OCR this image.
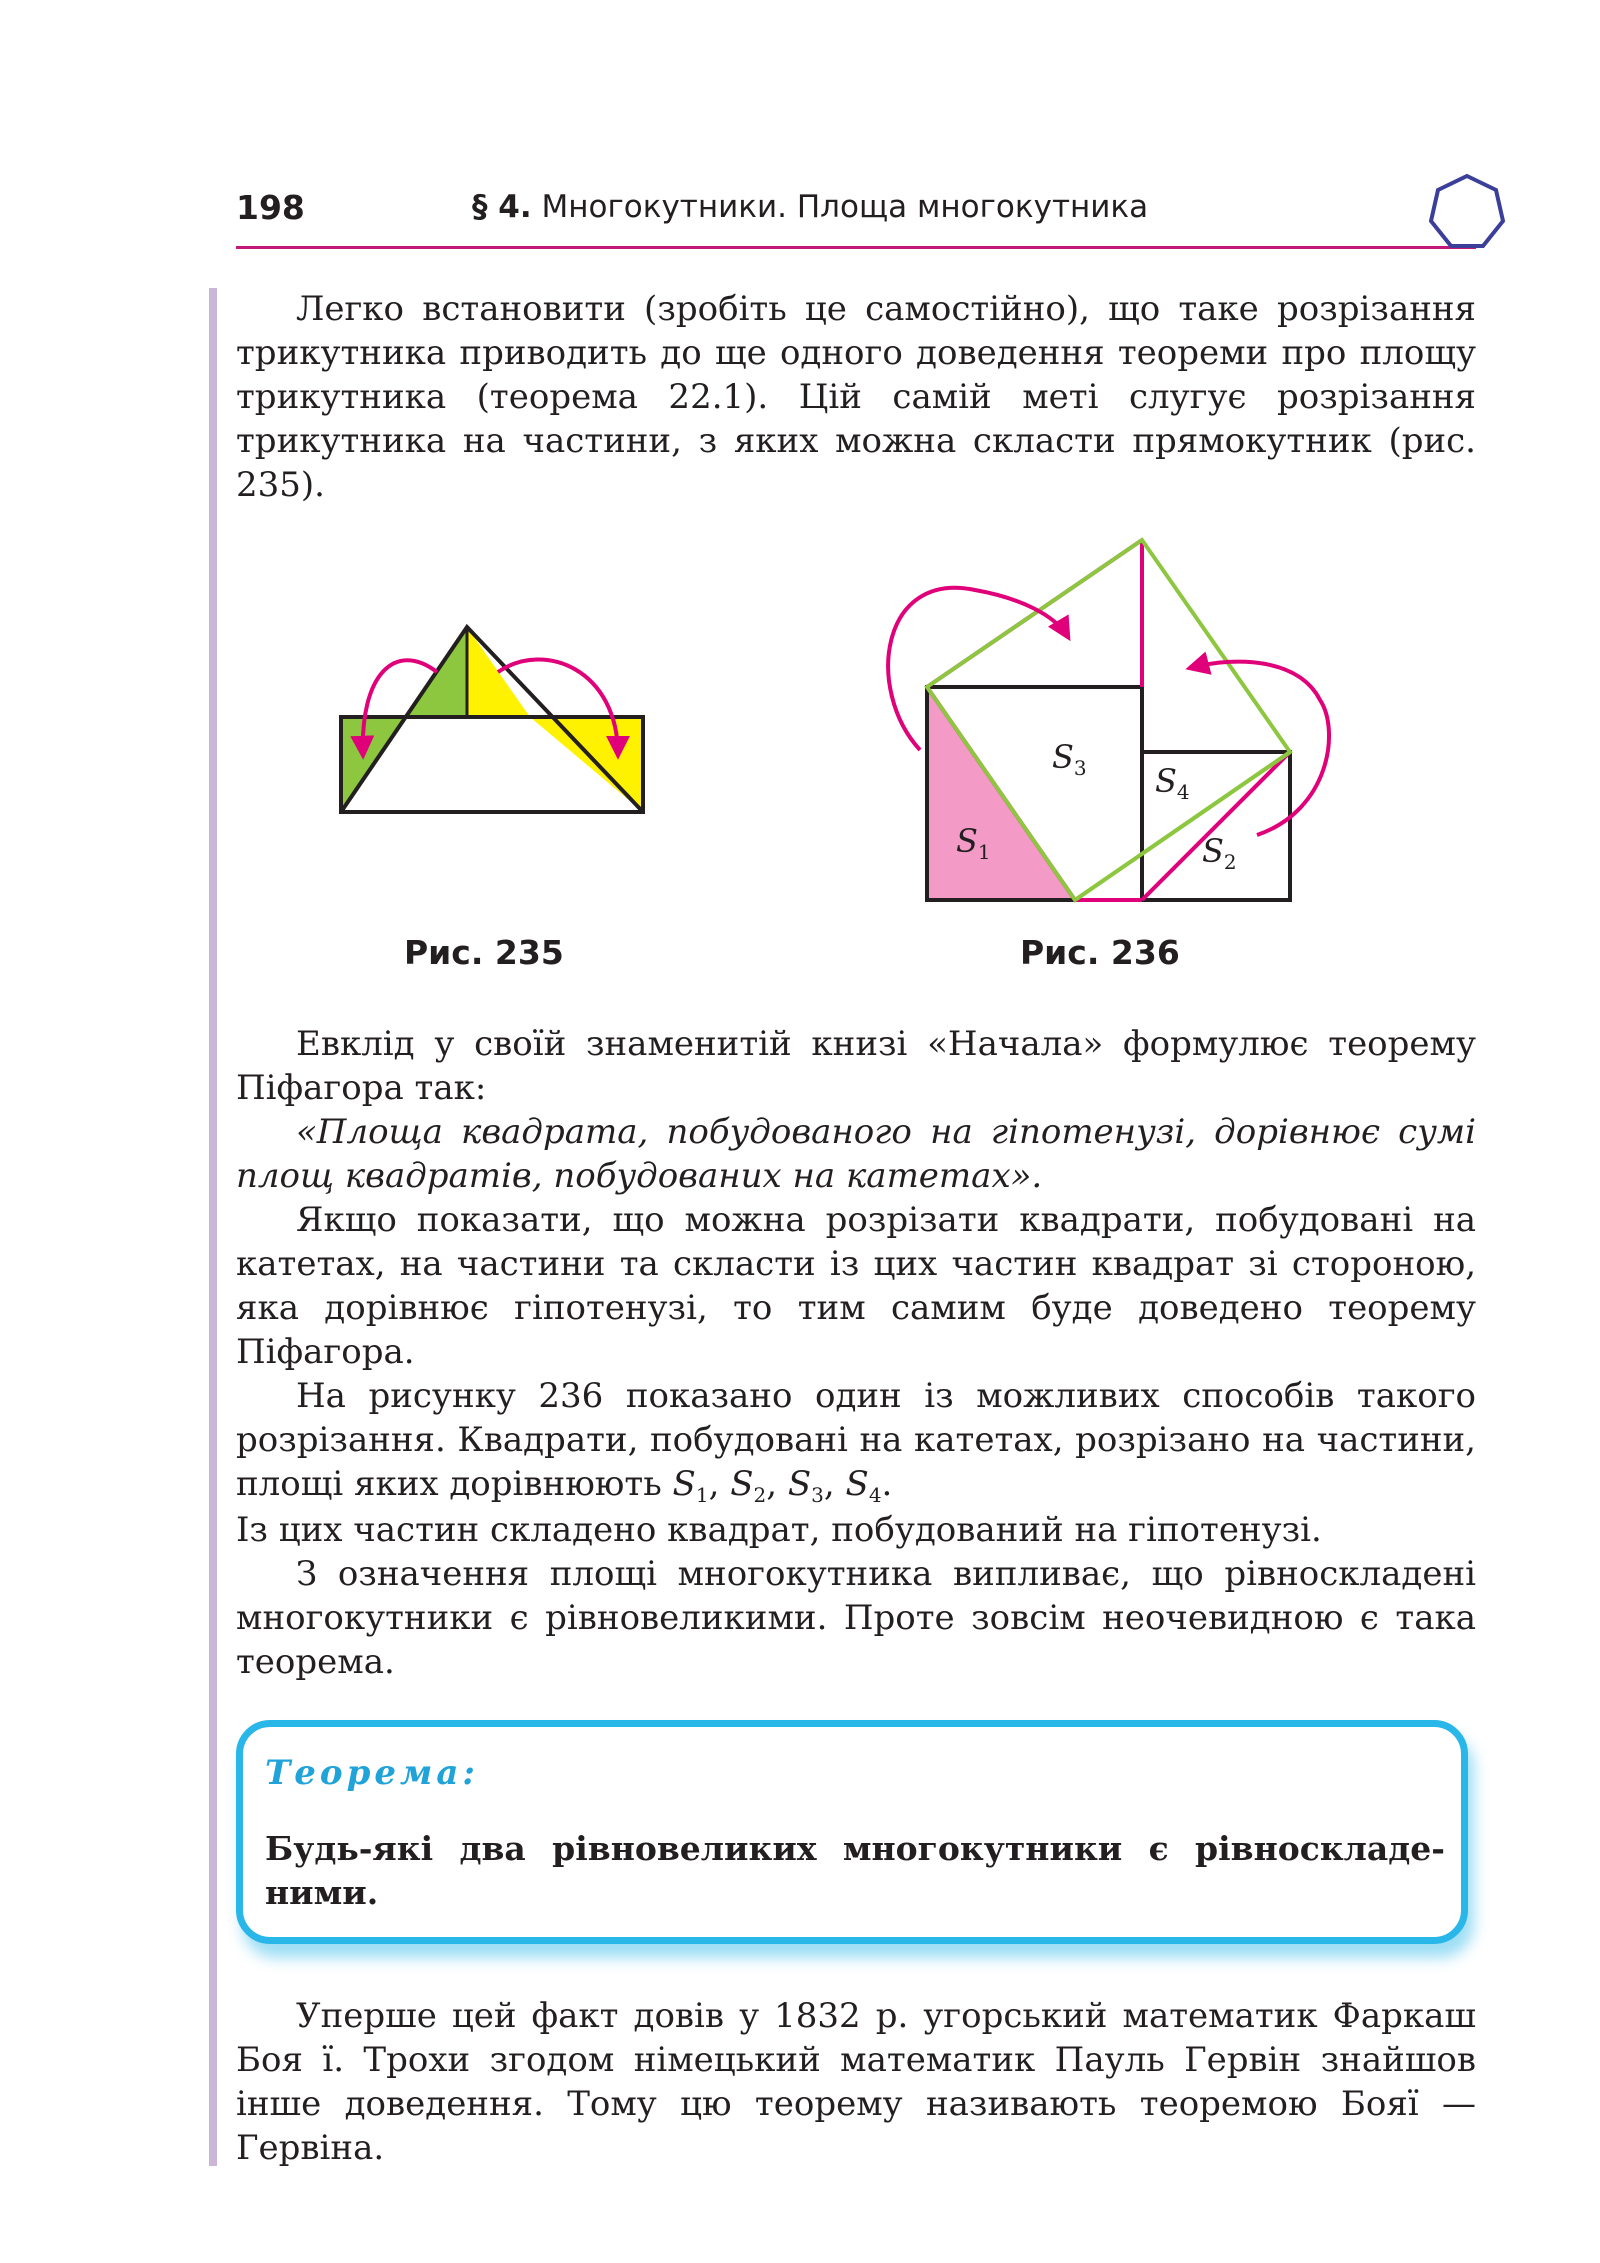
198	§ 4. Многокутники. Площа многокутника

Легко встановити (зробіть це самостійно), що таке розрізання трикутника приводить до ще одного доведення теореми про площу трикутника (теорема 22.1). Цій самій меті слугує розрізання трикутника на частини, з яких можна скласти прямокутник (рис. 235).

$S_3$ $S_4$
$S_1$	$S_2$
Рис. 235	Рис. 236

Евклід у своїй знаменитій книзі «Начала» формулює теорему Піфагора так:

«Площа квадрата, побудованого на гіпотенузі, дорівнює сумі площ квадратів, побудованих на катетах».

Якщо показати, що можна розрізати квадрати, побудовані на катетах, на частини та скласти із цих частин квадрат зі стороною, яка дорівнює гіпотенузі, то тим самим буде доведено теорему Піфагора.

На рисунку 236 показано один із можливих способів такого розрізання. Квадрати, побудовані на катетах, розрізано на частини, площі яких дорівнюють $S_1$, $S_2$, $S_3$, $S_4$.

Із цих частин складено квадрат, побудований на гіпотенузі.

З означення площі многокутника випливає, що рівноскладені многокутники є рівновеликими. Проте зовсім неочевидною є така теорема.

Теорема:

Будь-які два рівновеликих многокутники є рівноскладеними.

Уперше цей факт довів у 1832 р. угорський математик Фаркаш Боя ї. Трохи згодом німецький математик Пауль Гервін знайшов інше доведення. Тому цю теорему називають теоремою Бояї — Гервіна.
